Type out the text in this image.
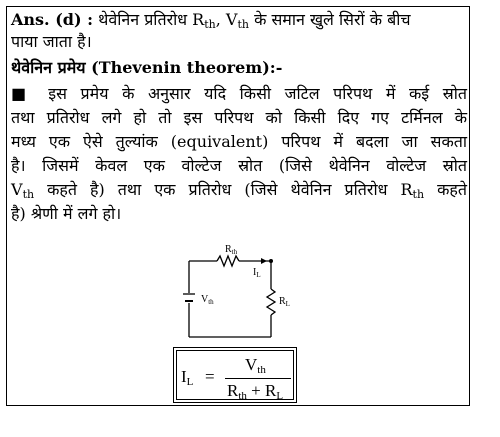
Ans. (d) : थेवेनिन प्रतिरोध $R_{th}$, $V_{th}$ के समान खुले सिरों के बीच
पाया जाता है।
थेवेनिन प्रमेय (Thevenin theorem):-
■ इस प्रमेय के अनुसार यदि किसी जटिल परिपथ में कई स्रोत
तथा प्रतिरोध लगे हो तो इस परिपथ को किसी दिए गए टर्मिनल के
मध्य एक ऐसे तुल्यांक (equivalent) परिपथ में बदला जा सकता
है। जिसमें केवल एक वोल्टेज स्रोत (जिसे थेवेनिन वोल्टेज स्रोत
$V_{th}$ कहते है) तथा एक प्रतिरोध (जिसे थेवेनिन प्रतिरोध $R_{th}$ कहते
है) श्रेणी में लगे हो।
$R_{th}$
$I_L$
$V_{th}$	$R_L$
IL =
Vth
Rth + RL
